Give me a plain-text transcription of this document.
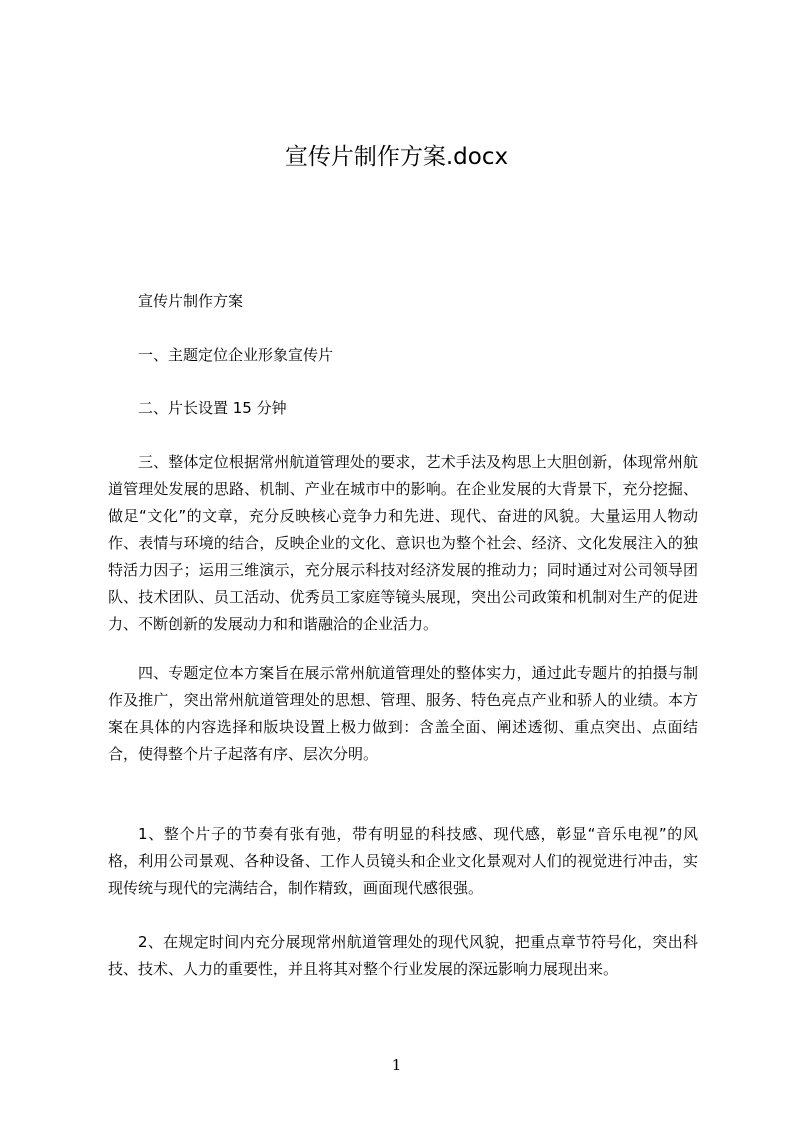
宣传片制作方案.docx

宣传片制作方案

一、主题定位企业形象宣传片

二、片长设置 15 分钟

三、整体定位根据常州航道管理处的要求，艺术手法及构思上大胆创新，体现常州航道管理处发展的思路、机制、产业在城市中的影响。在企业发展的大背景下，充分挖掘、做足“文化”的文章，充分反映核心竞争力和先进、现代、奋进的风貌。大量运用人物动作、表情与环境的结合，反映企业的文化、意识也为整个社会、经济、文化发展注入的独特活力因子；运用三维演示，充分展示科技对经济发展的推动力；同时通过对公司领导团队、技术团队、员工活动、优秀员工家庭等镜头展现，突出公司政策和机制对生产的促进力、不断创新的发展动力和和谐融洽的企业活力。

四、专题定位本方案旨在展示常州航道管理处的整体实力，通过此专题片的拍摄与制作及推广，突出常州航道管理处的思想、管理、服务、特色亮点产业和骄人的业绩。本方案在具体的内容选择和版块设置上极力做到：含盖全面、阐述透彻、重点突出、点面结合，使得整个片子起落有序、层次分明。

1、整个片子的节奏有张有弛，带有明显的科技感、现代感，彰显“音乐电视”的风格，利用公司景观、各种设备、工作人员镜头和企业文化景观对人们的视觉进行冲击，实现传统与现代的完满结合，制作精致，画面现代感很强。

2、在规定时间内充分展现常州航道管理处的现代风貌，把重点章节符号化，突出科技、技术、人力的重要性，并且将其对整个行业发展的深远影响力展现出来。

1
